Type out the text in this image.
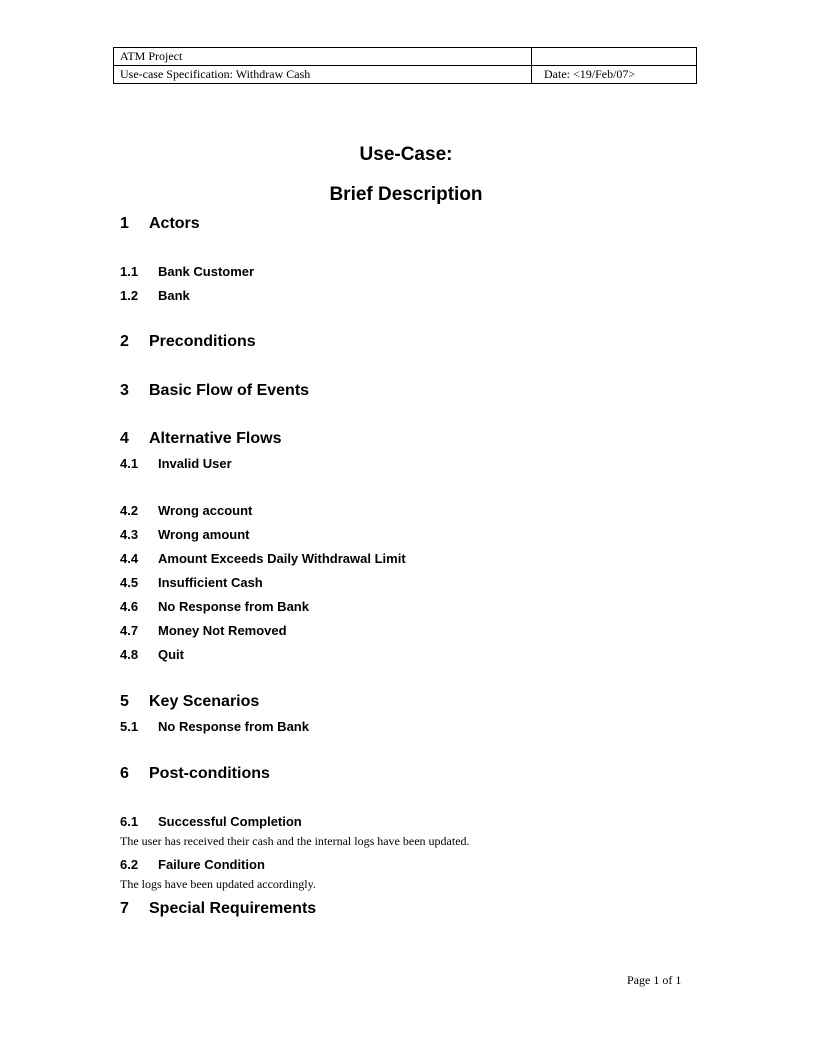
ATM Project	
Use-case Specification: Withdraw Cash	Date: <19/Feb/07>
Use-Case:
Brief Description
1 Actors
1.1 Bank Customer
1.2 Bank
2 Preconditions
3 Basic Flow of Events
4 Alternative Flows
4.1 Invalid User
4.2 Wrong account
4.3 Wrong amount
4.4 Amount Exceeds Daily Withdrawal Limit
4.5 Insufficient Cash
4.6 No Response from Bank
4.7 Money Not Removed
4.8 Quit
5 Key Scenarios
5.1 No Response from Bank
6 Post-conditions
6.1 Successful Completion
The user has received their cash and the internal logs have been updated.
6.2 Failure Condition
The logs have been updated accordingly.
7 Special Requirements
Page 1 of 1
